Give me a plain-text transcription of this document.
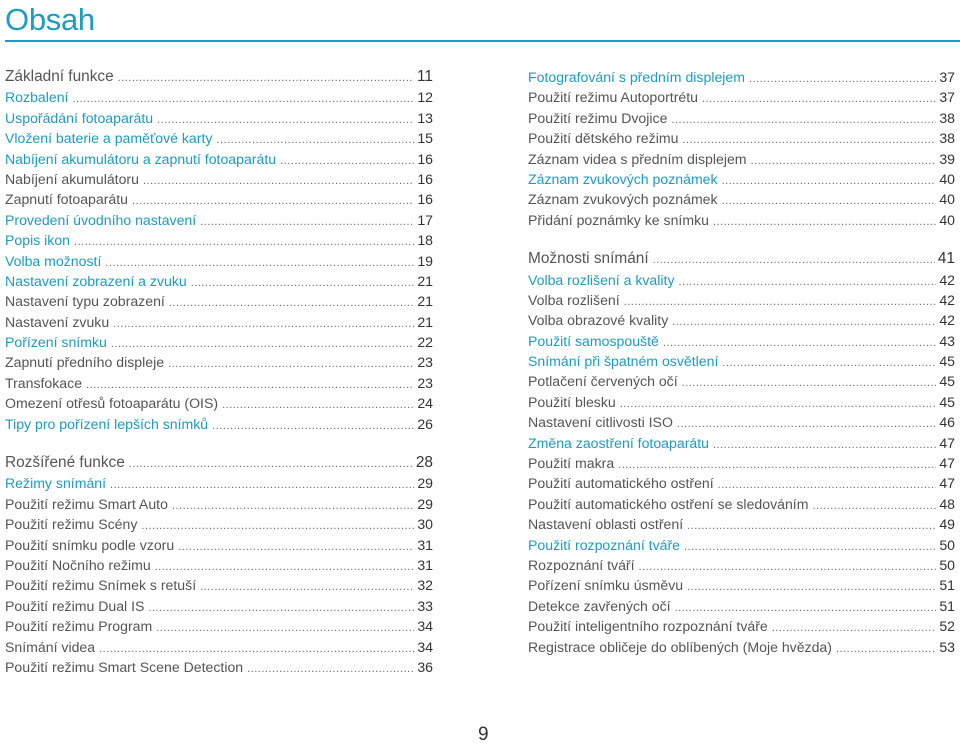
Obsah
Základní funkce .....	11
Rozbalení .....	12
Uspořádání fotoaparátu .....	13
Vložení baterie a paměťové karty .....	15
Nabíjení akumulátoru a zapnutí fotoaparátu .....	16
Nabíjení akumulátoru .....	16
Zapnutí fotoaparátu .....	16
Provedení úvodního nastavení .....	17
Popis ikon .....	18
Volba možností .....	19
Nastavení zobrazení a zvuku .....	21
Nastavení typu zobrazení .....	21
Nastavení zvuku .....	21
Pořízení snímku .....	22
Zapnutí předního displeje .....	23
Transfokace .....	23
Omezení otřesů fotoaparátu (OIS) .....	24
Tipy pro pořízení lepších snímků .....	26
Rozšířené funkce .....	28
Režimy snímání .....	29
Použití režimu Smart Auto .....	29
Použití režimu Scény .....	30
Použití snímku podle vzoru .....	31
Použití Nočního režimu .....	31
Použití režimu Snímek s retuší .....	32
Použití režimu Dual IS .....	33
Použití režimu Program .....	34
Snímání videa .....	34
Použití režimu Smart Scene Detection .....	36
Fotografování s předním displejem .....	37
Použití režimu Autoportrétu .....	37
Použití režimu Dvojice .....	38
Použití dětského režimu .....	38
Záznam videa s předním displejem .....	39
Záznam zvukových poznámek .....	40
Záznam zvukových poznámek .....	40
Přidání poznámky ke snímku .....	40
Možnosti snímání .....	41
Volba rozlišení a kvality .....	42
Volba rozlišení .....	42
Volba obrazové kvality .....	42
Použití samospouště .....	43
Snímání při špatném osvětlení .....	45
Potlačení červených očí .....	45
Použití blesku .....	45
Nastavení citlivosti ISO .....	46
Změna zaostření fotoaparátu .....	47
Použití makra .....	47
Použití automatického ostření .....	47
Použití automatického ostření se sledováním .....	48
Nastavení oblasti ostření .....	49
Použití rozpoznání tváře .....	50
Rozpoznání tváří .....	50
Pořízení snímku úsměvu .....	51
Detekce zavřených očí .....	51
Použití inteligentního rozpoznání tváře .....	52
Registrace obličeje do oblíbených (Moje hvězda) .....	53
9
